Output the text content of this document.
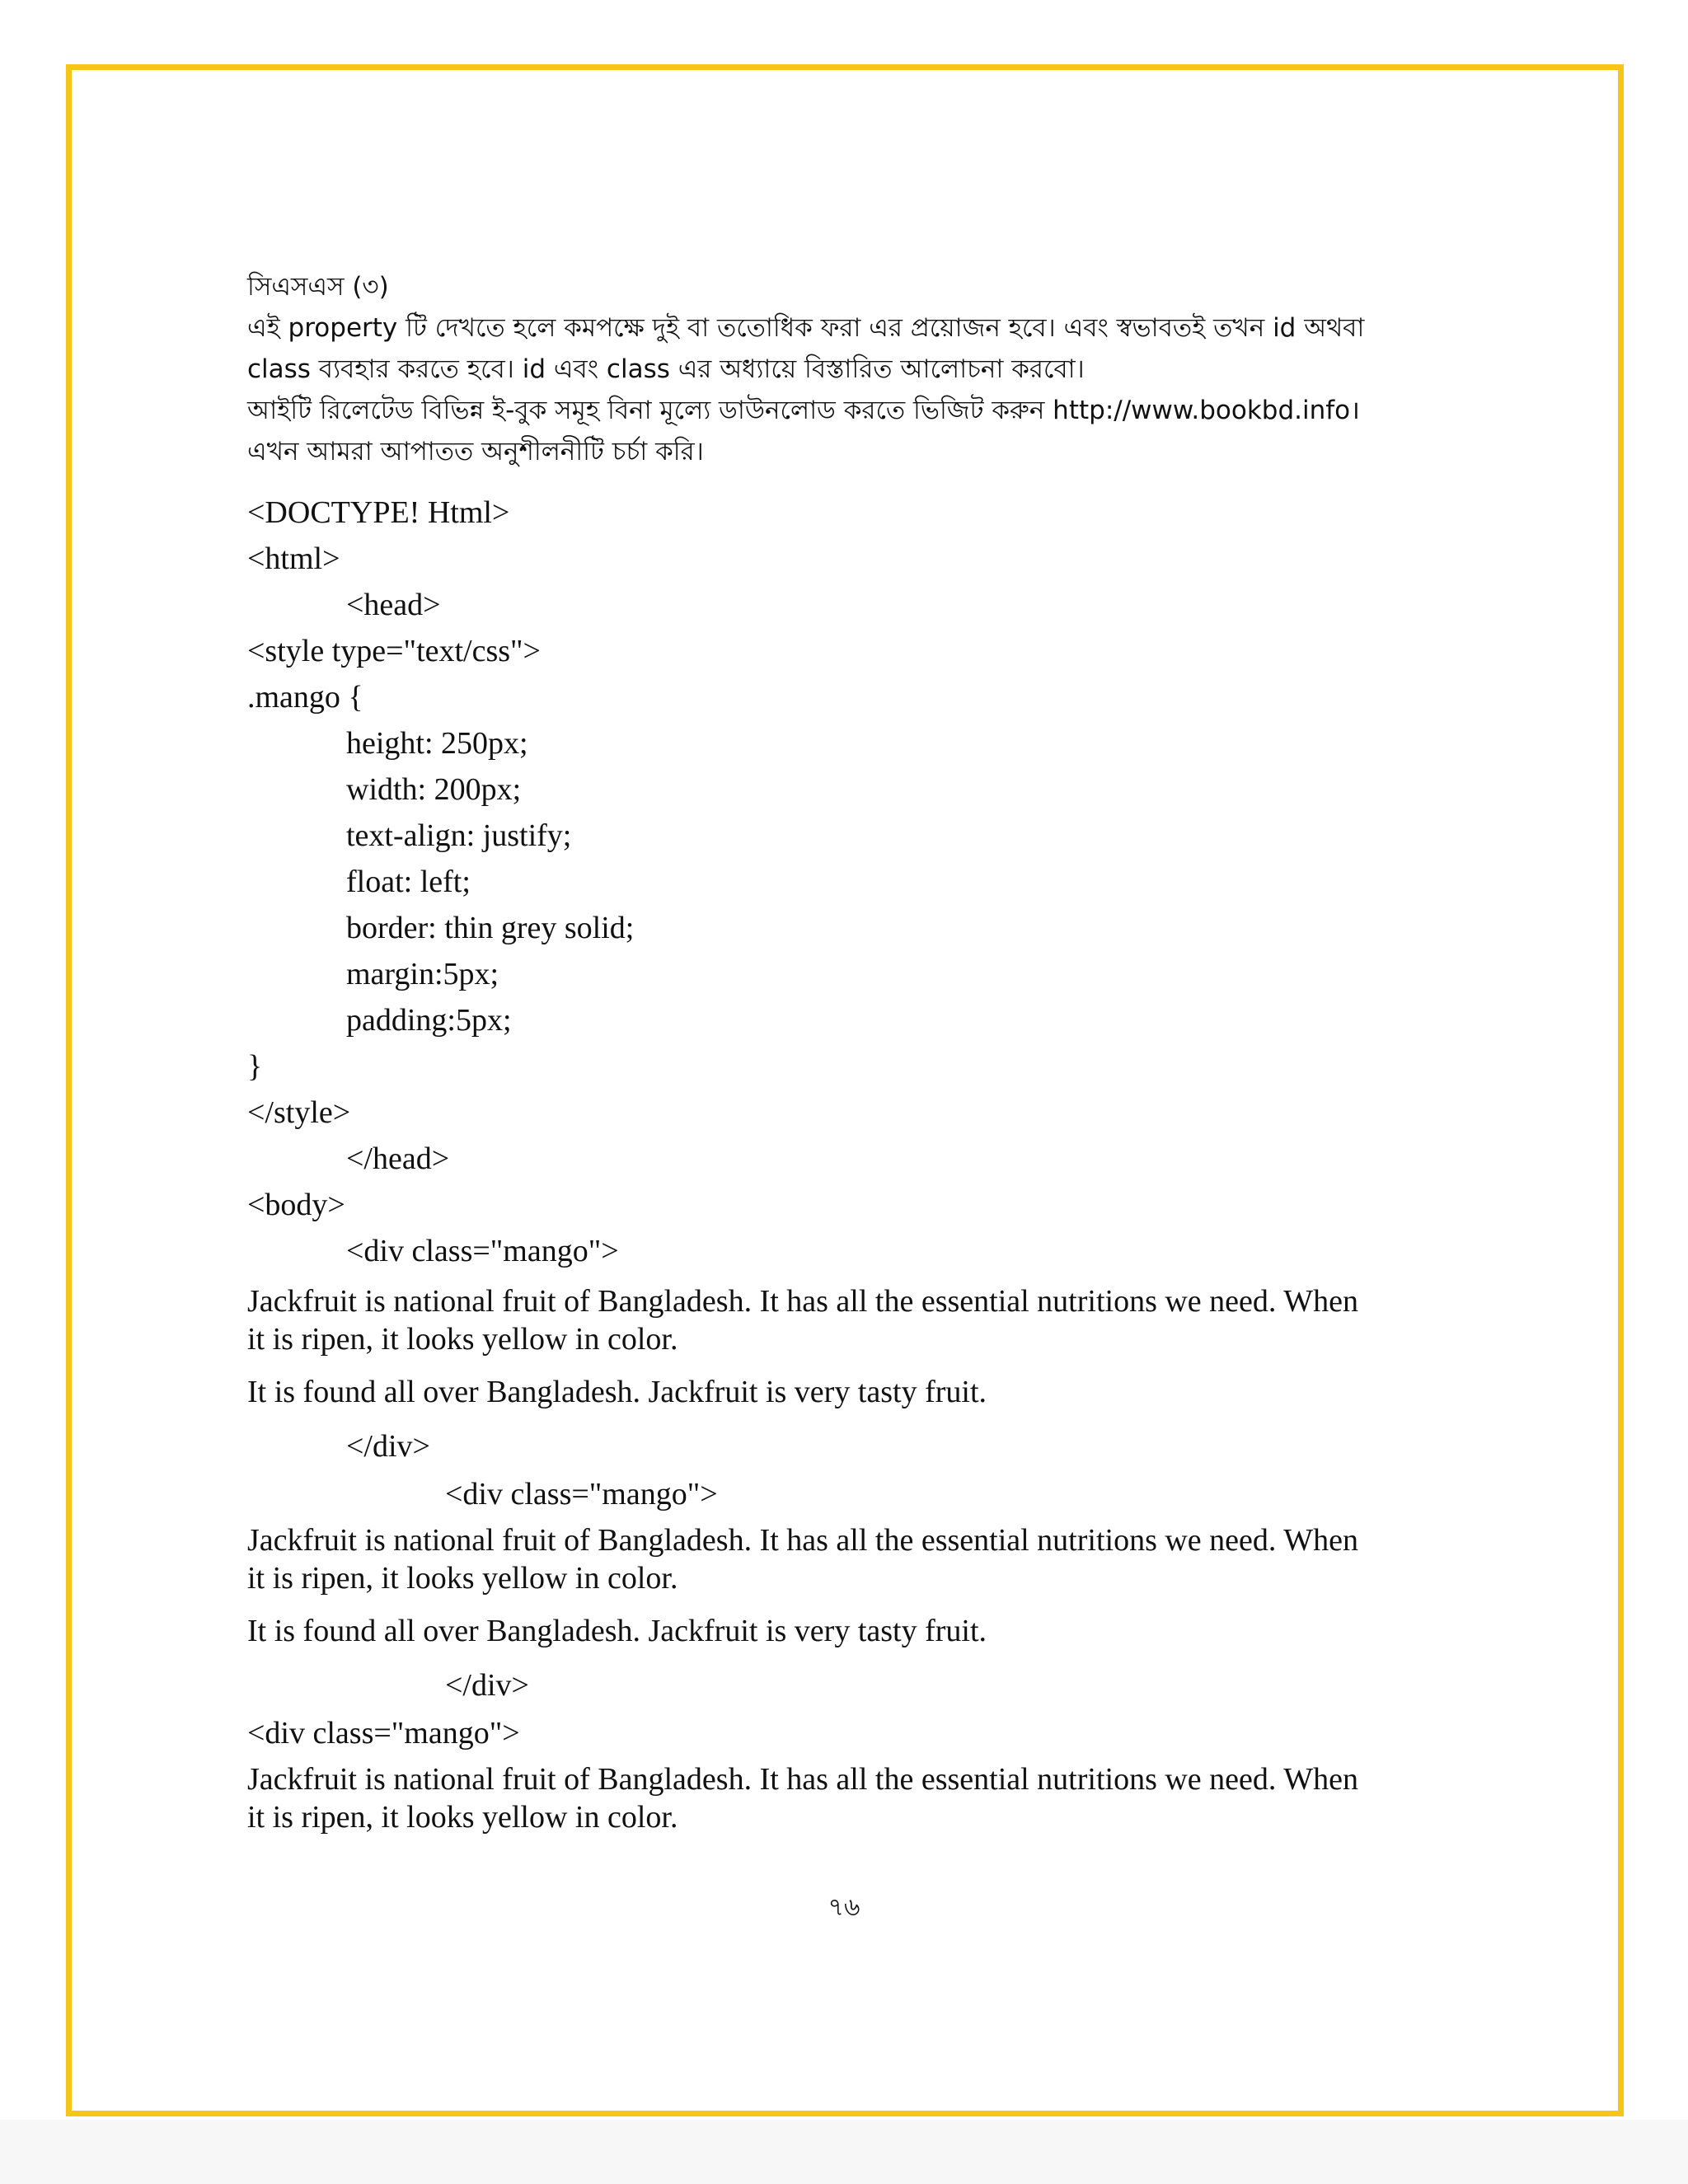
সিএসএস (৩)
এই property টি দেখতে হলে কমপক্ষে দুই বা ততোধিক ফরা এর প্রয়োজন হবে। এবং স্বভাবতই তখন id অথবা
class ব্যবহার করতে হবে। id এবং class এর অধ্যায়ে বিস্তারিত আলোচনা করবো।
আইটি রিলেটেড বিভিন্ন ই-বুক সমূহ বিনা মূল্যে ডাউনলোড করতে ভিজিট করুন http://www.bookbd.info।
এখন আমরা আপাতত অনুশীলনীটি চর্চা করি।
<DOCTYPE! Html>
<html>
<head>
<style type="text/css">
.mango {
height: 250px;
width: 200px;
text-align: justify;
float: left;
border: thin grey solid;
margin:5px;
padding:5px;
}
</style>
</head>
<body>
<div class="mango">
Jackfruit is national fruit of Bangladesh. It has all the essential nutritions we need. When
it is ripen, it looks yellow in color.
It is found all over Bangladesh. Jackfruit is very tasty fruit.
</div>
<div class="mango">
Jackfruit is national fruit of Bangladesh. It has all the essential nutritions we need. When
it is ripen, it looks yellow in color.
It is found all over Bangladesh. Jackfruit is very tasty fruit.
</div>
<div class="mango">
Jackfruit is national fruit of Bangladesh. It has all the essential nutritions we need. When
it is ripen, it looks yellow in color.
৭৬
